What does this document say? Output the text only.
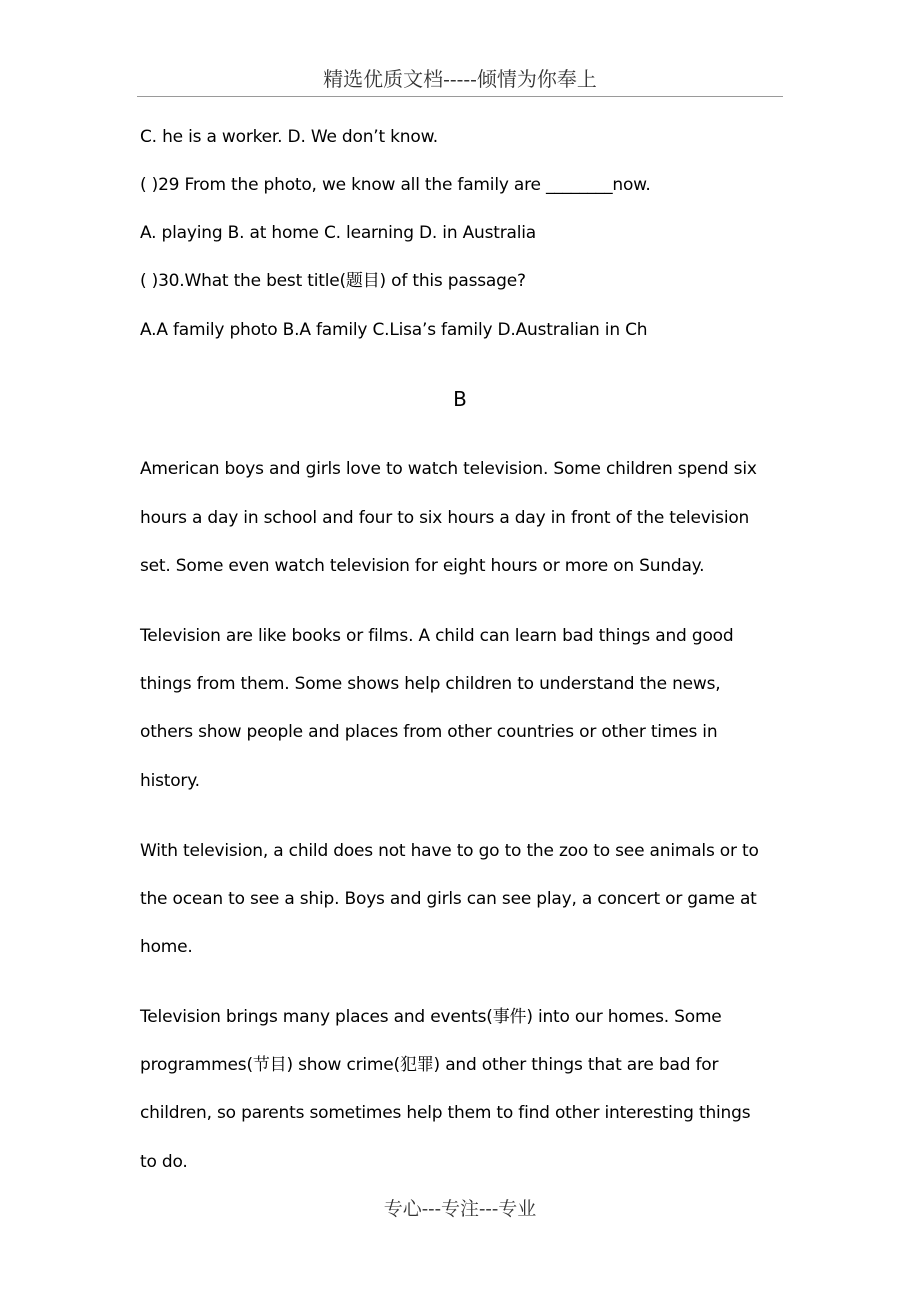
精选优质文档-----倾情为你奉上
C. he is a worker. D. We don’t know.
( )29 From the photo, we know all the family are ________now.
A. playing B. at home C. learning D. in Australia
( )30.What the best title(题目) of this passage?
A.A family photo B.A family C.Lisa’s family D.Australian in Ch
B
American boys and girls love to watch television. Some children spend six
hours a day in school and four to six hours a day in front of the television
set. Some even watch television for eight hours or more on Sunday.
Television are like books or films. A child can learn bad things and good
things from them. Some shows help children to understand the news,
others show people and places from other countries or other times in
history.
With television, a child does not have to go to the zoo to see animals or to
the ocean to see a ship. Boys and girls can see play, a concert or game at
home.
Television brings many places and events(事件) into our homes. Some
programmes(节目) show crime(犯罪) and other things that are bad for
children, so parents sometimes help them to find other interesting things
to do.
专心---专注---专业
